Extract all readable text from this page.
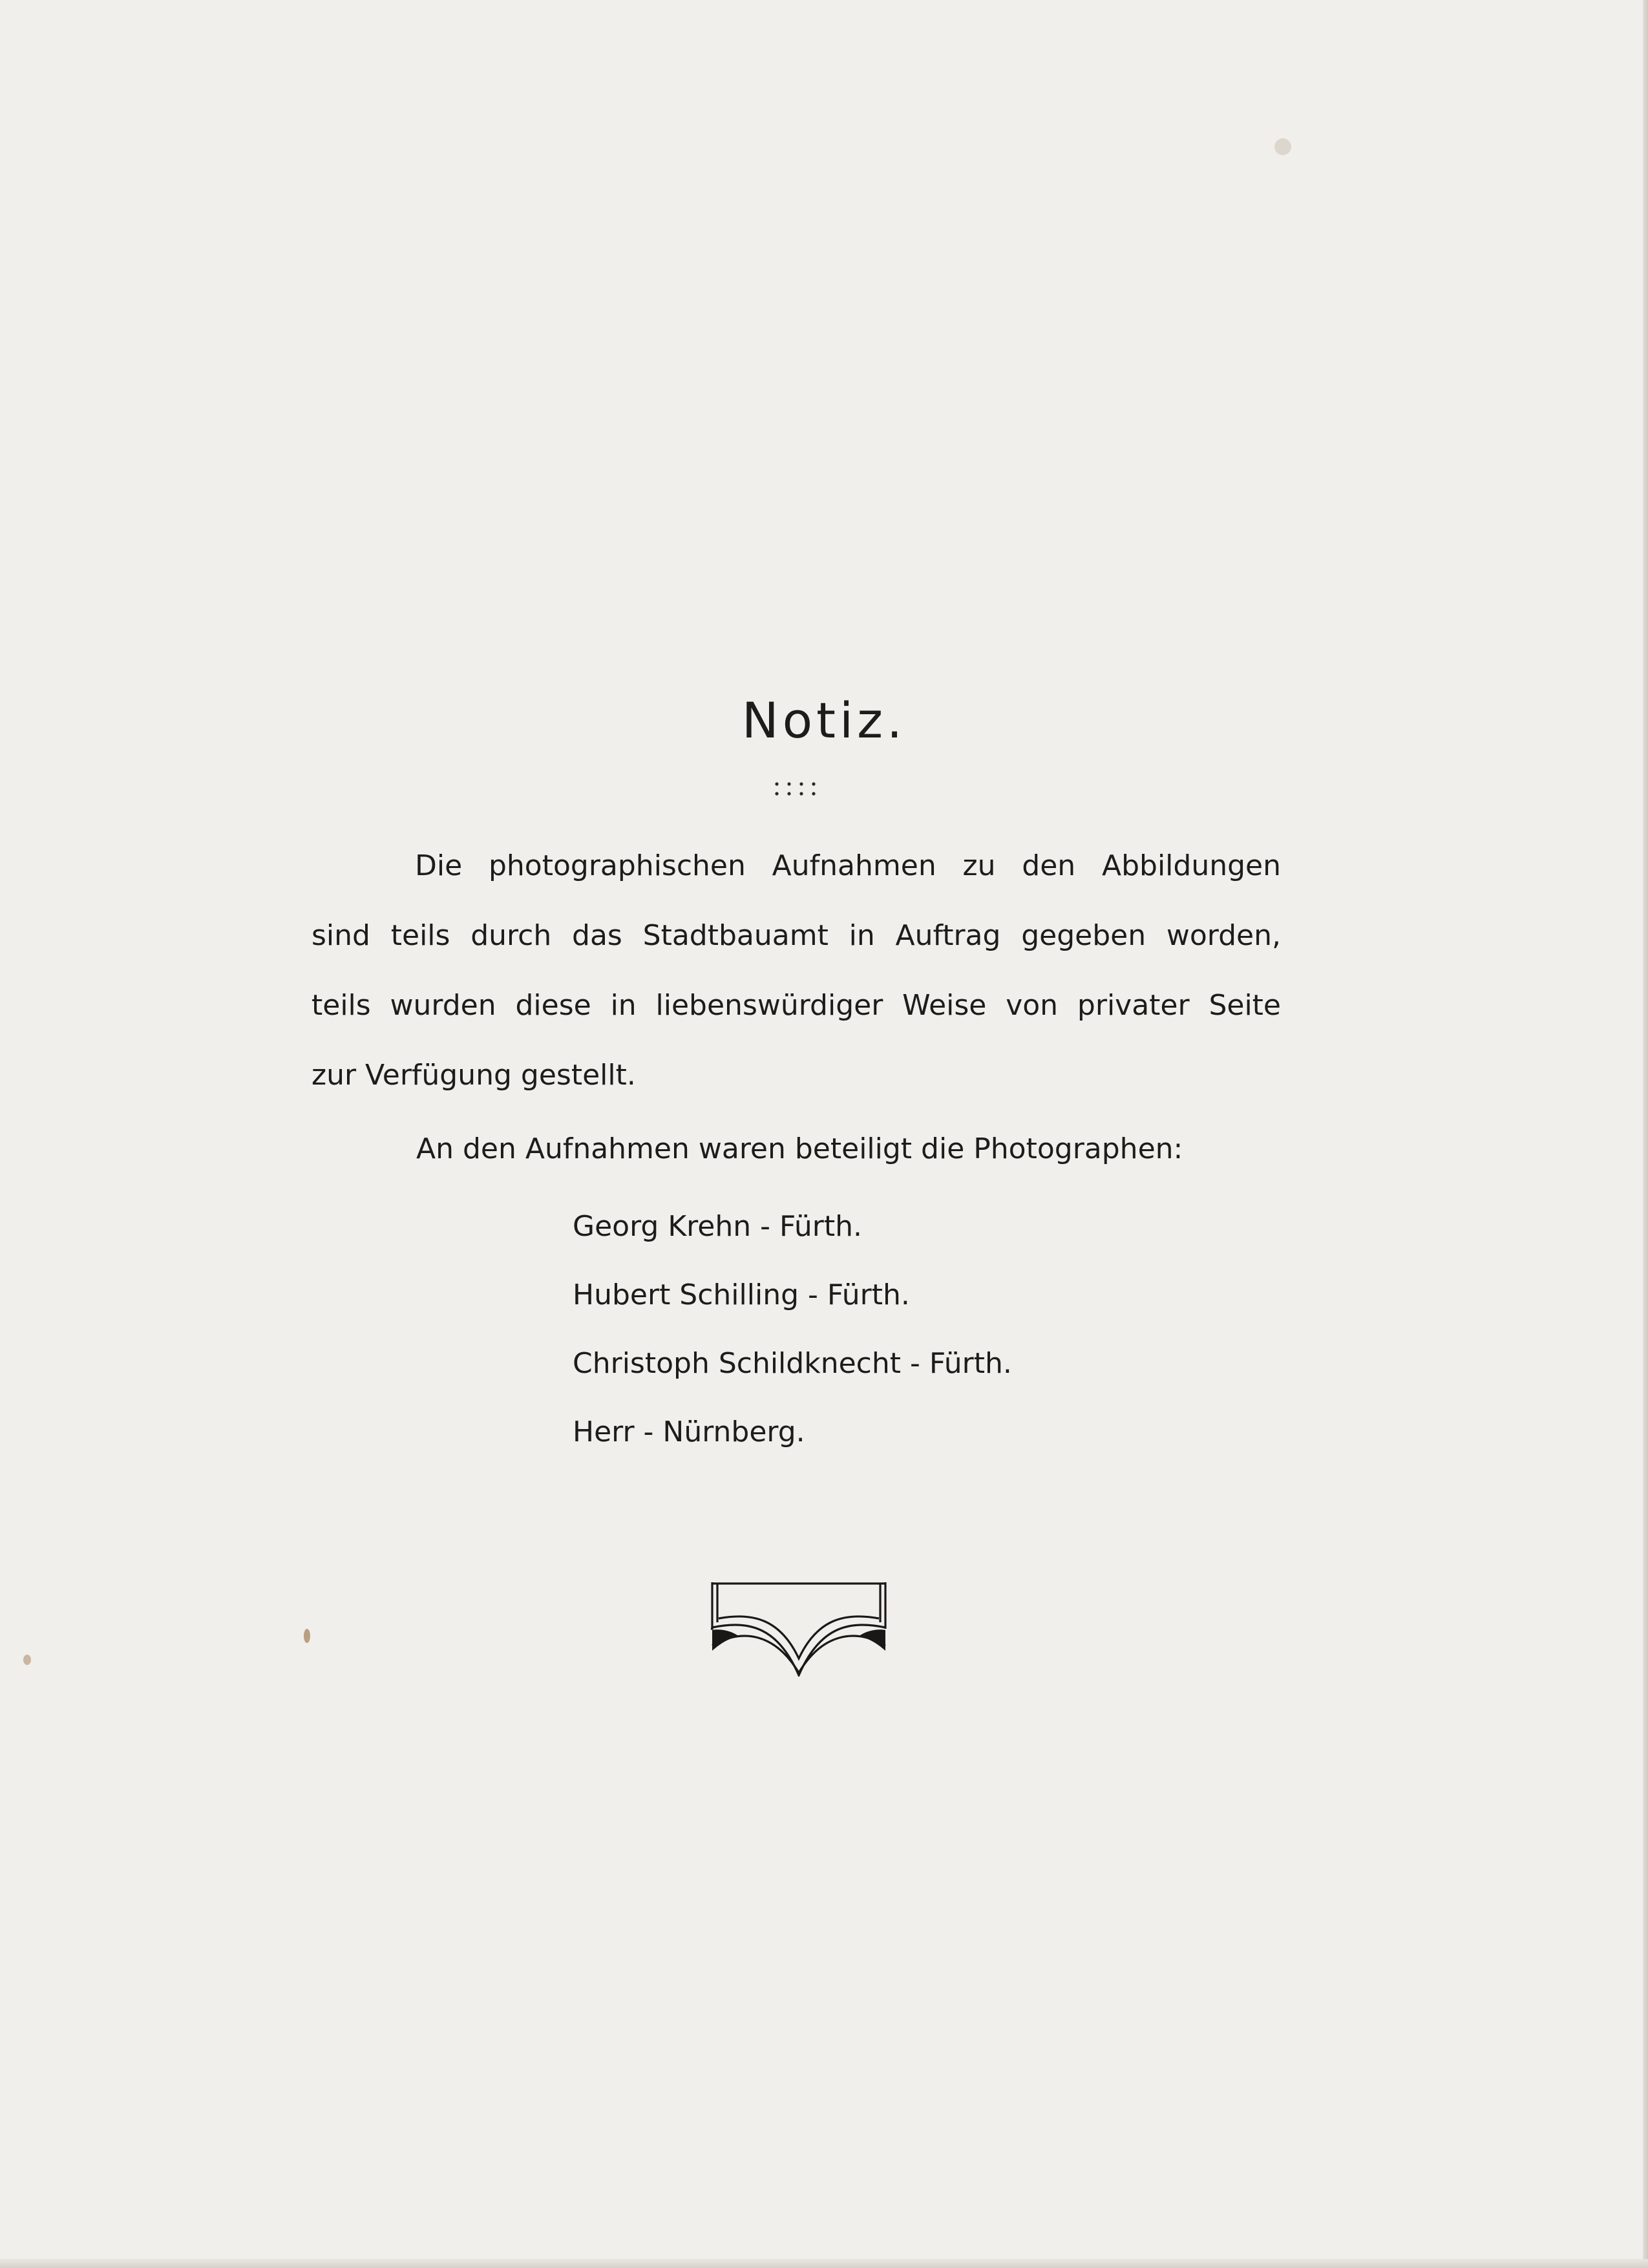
Notiz.
Die photographischen Aufnahmen zu den Abbildungen
sind teils durch das Stadtbauamt in Auftrag gegeben worden,
teils wurden diese in liebenswürdiger Weise von privater Seite
zur Verfügung gestellt.

An den Aufnahmen waren beteiligt die Photographen:

Georg Krehn - Fürth.
Hubert Schilling - Fürth.
Christoph Schildknecht - Fürth.
Herr - Nürnberg.
